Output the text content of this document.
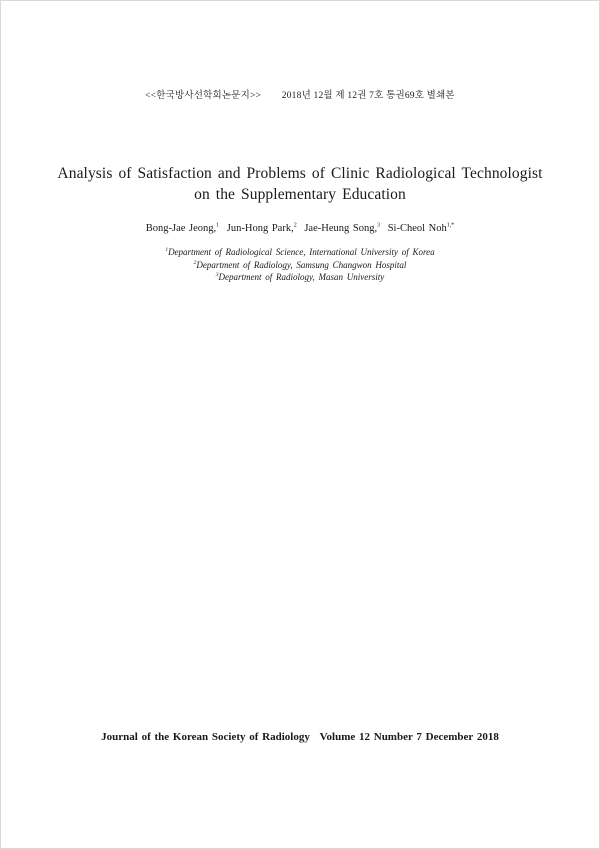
<<한국방사선학회논문지>> 2018년 12월 제 12권 7호 통권69호 별쇄본
Analysis of Satisfaction and Problems of Clinic Radiological Technologist
on the Supplementary Education
Bong-Jae Jeong,$^1$ Jun-Hong Park,$^2$ Jae-Heung Song,$^3$ Si-Cheol Noh$^{1,*}$
$^1$Department of Radiological Science, International University of Korea
$^2$Department of Radiology, Samsung Changwon Hospital
$^3$Department of Radiology, Masan University
Journal of the Korean Society of Radiology Volume 12 Number 7 December 2018
